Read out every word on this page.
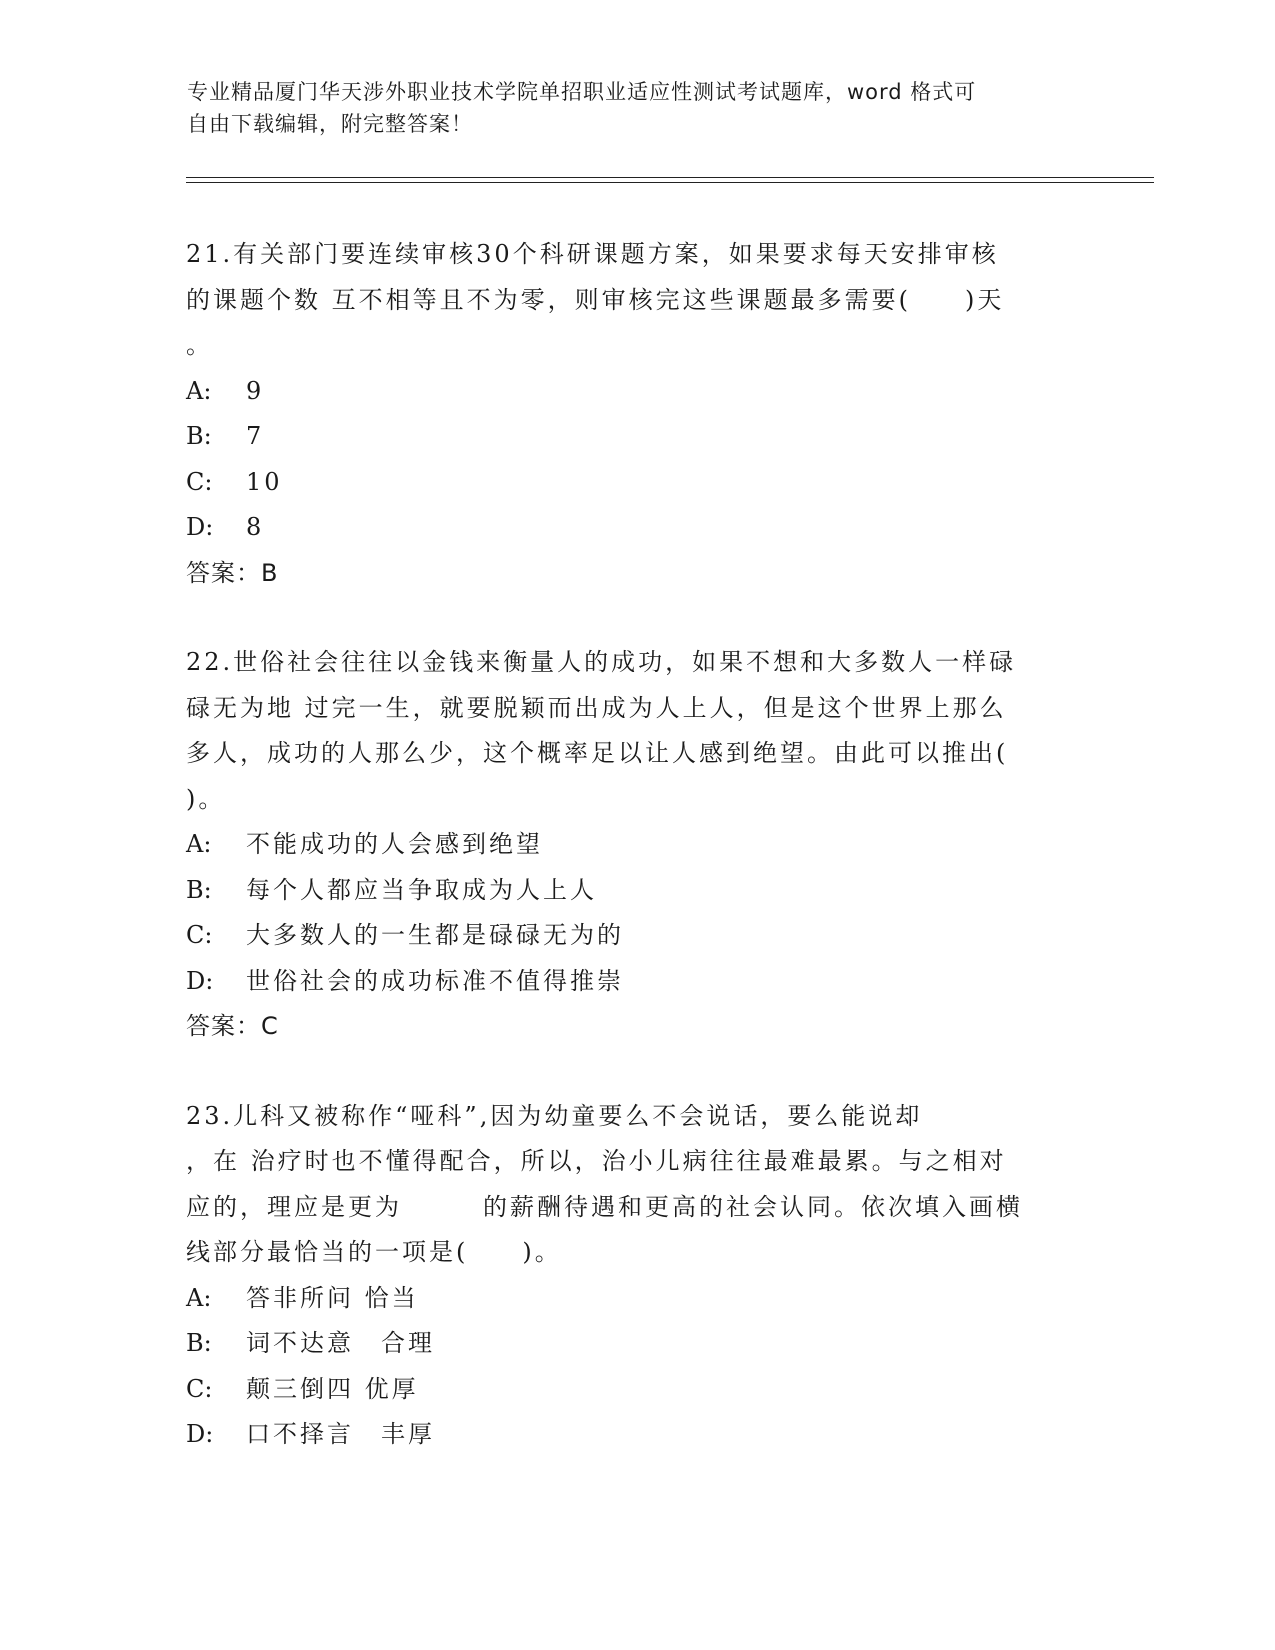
专业精品厦门华天涉外职业技术学院单招职业适应性测试考试题库，word 格式可
自由下载编辑，附完整答案！
21.有关部门要连续审核30个科研课题方案，如果要求每天安排审核
的课题个数 互不相等且不为零，则审核完这些课题最多需要(　　)天
。
A:	9
B:	7
C:	10
D:	8
答案：B
22.世俗社会往往以金钱来衡量人的成功，如果不想和大多数人一样碌
碌无为地 过完一生，就要脱颖而出成为人上人，但是这个世界上那么
多人，成功的人那么少，这个概率足以让人感到绝望。由此可以推出(
)。
A:	不能成功的人会感到绝望
B:	每个人都应当争取成为人上人
C:	大多数人的一生都是碌碌无为的
D:	世俗社会的成功标准不值得推崇
答案：C
23.儿科又被称作“哑科”,因为幼童要么不会说话，要么能说却
，在 治疗时也不懂得配合，所以，治小儿病往往最难最累。与之相对
应的，理应是更为　　　的薪酬待遇和更高的社会认同。依次填入画横
线部分最恰当的一项是(　　)。
A:	答非所问 恰当
B:	词不达意　合理
C:	颠三倒四 优厚
D:	口不择言　丰厚
